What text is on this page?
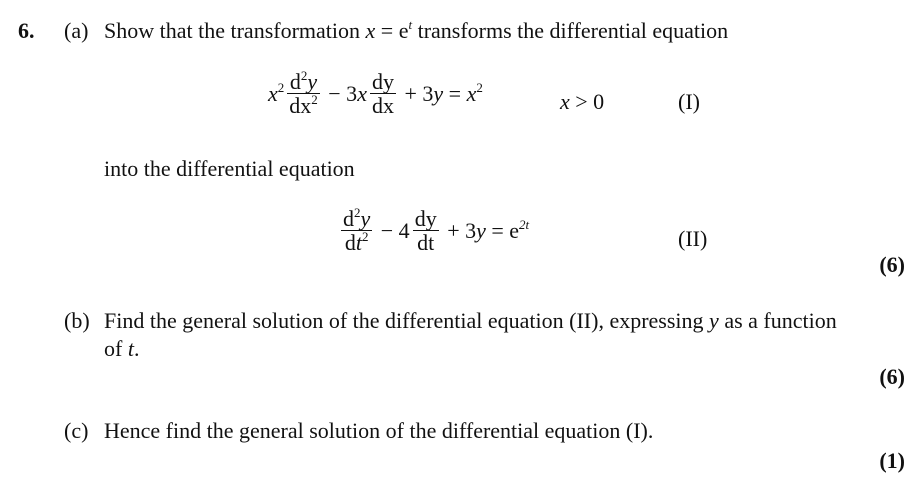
6. (a) Show that the transformation $x = e^t$ transforms the differential equation
$x^2 \frac{d^2y}{dx^2} - 3x \frac{dy}{dx} + 3y = x^2$
x > 0	(I)
into the differential equation
$\frac{d^2y}{dt^2} - 4 \frac{dy}{dt} + 3y = e^{2t}$
(II)
(6)
(b) Find the general solution of the differential equation (II), expressing y as a function
of t.
(6)
(c) Hence find the general solution of the differential equation (I).
(1)
